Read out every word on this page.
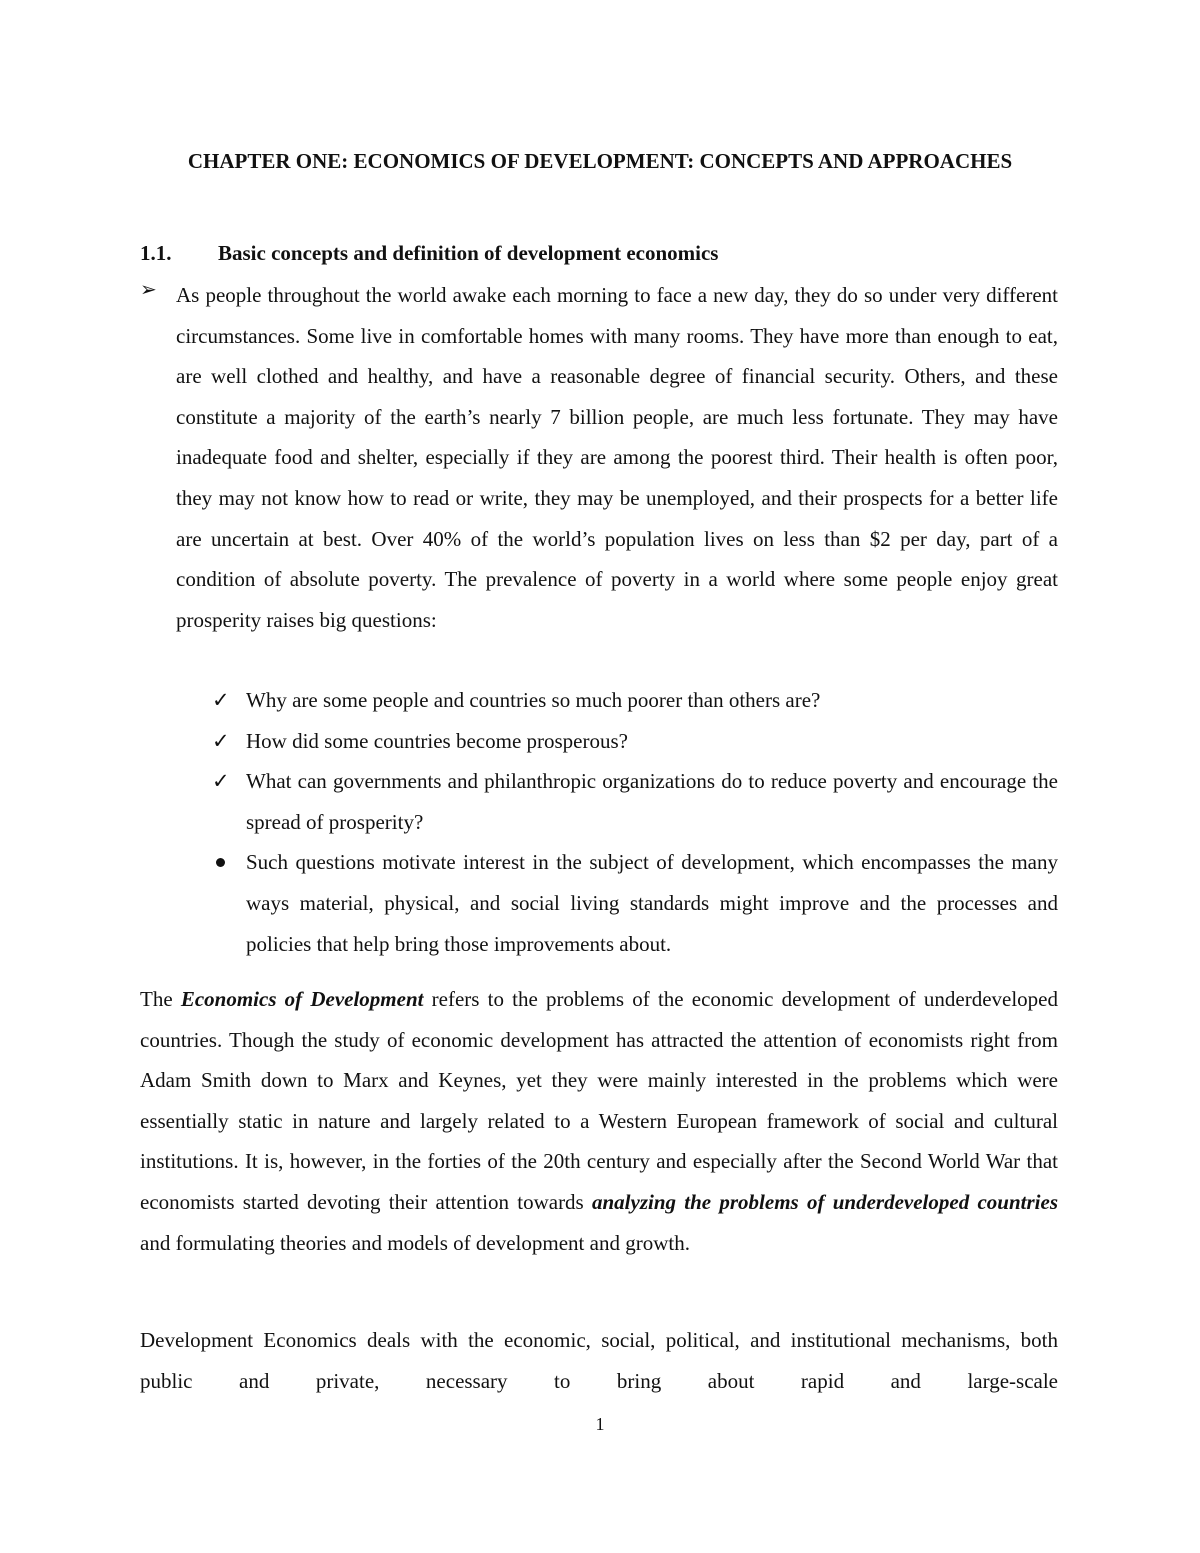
CHAPTER ONE: ECONOMICS OF DEVELOPMENT: CONCEPTS AND APPROACHES
1.1. Basic concepts and definition of development economics
➢ As people throughout the world awake each morning to face a new day, they do so under very different circumstances. Some live in comfortable homes with many rooms. They have more than enough to eat, are well clothed and healthy, and have a reasonable degree of financial security. Others, and these constitute a majority of the earth’s nearly 7 billion people, are much less fortunate. They may have inadequate food and shelter, especially if they are among the poorest third. Their health is often poor, they may not know how to read or write, they may be unemployed, and their prospects for a better life are uncertain at best. Over 40% of the world’s population lives on less than $2 per day, part of a condition of absolute poverty. The prevalence of poverty in a world where some people enjoy great prosperity raises big questions:
✓ Why are some people and countries so much poorer than others are?
✓ How did some countries become prosperous?
✓ What can governments and philanthropic organizations do to reduce poverty and encourage the spread of prosperity?
Such questions motivate interest in the subject of development, which encompasses the many ways material, physical, and social living standards might improve and the processes and policies that help bring those improvements about.

The Economics of Development refers to the problems of the economic development of underdeveloped countries. Though the study of economic development has attracted the attention of economists right from Adam Smith down to Marx and Keynes, yet they were mainly interested in the problems which were essentially static in nature and largely related to a Western European framework of social and cultural institutions. It is, however, in the forties of the 20th century and especially after the Second World War that economists started devoting their attention towards analyzing the problems of underdeveloped countries and formulating theories and models of development and growth.

Development Economics deals with the economic, social, political, and institutional mechanisms, both public and private, necessary to bring about rapid and large-scale
1
